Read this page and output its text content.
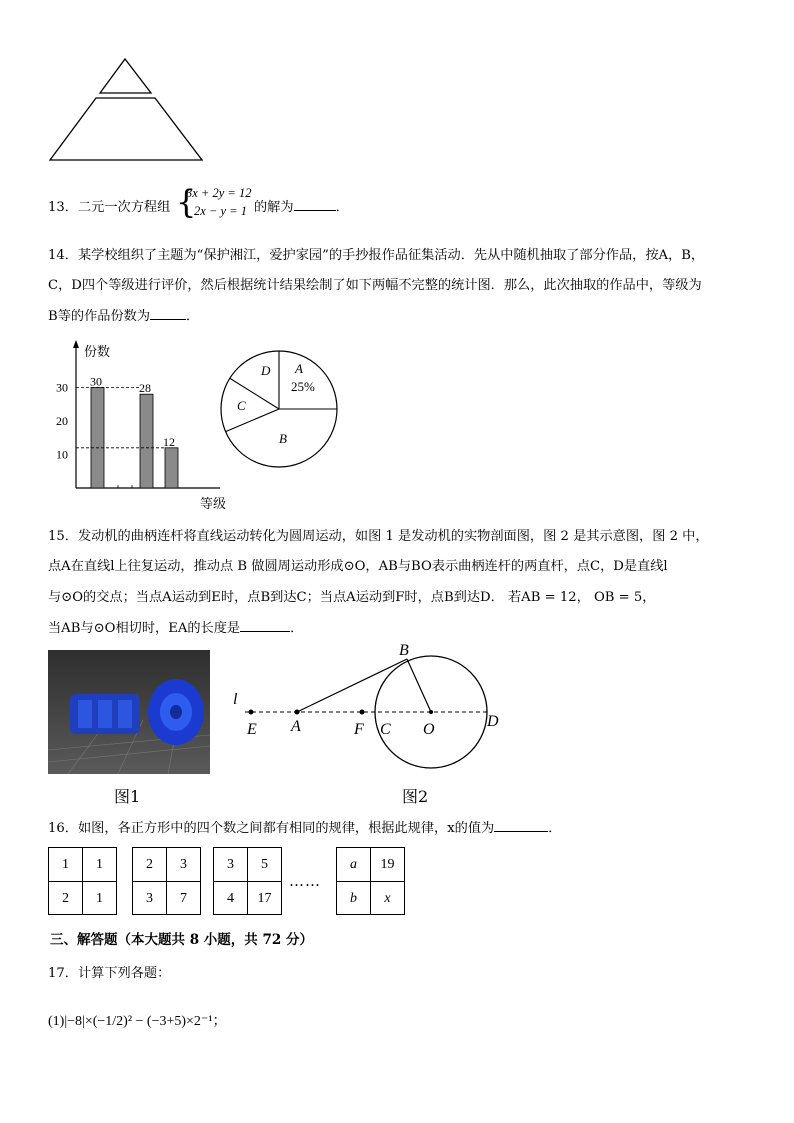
13．二元一次方程组 {
3x + 2y = 12
2x − y = 1 的解为	．
14．某学校组织了主题为“保护湘江，爱护家园”的手抄报作品征集活动．先从中随机抽取了部分作品，按A，B，
C，D四个等级进行评价，然后根据统计结果绘制了如下两幅不完整的统计图．那么，此次抽取的作品中，等级为
B等的作品份数为	．
份数
等级
10
20
30 30	28
12
A
25%
B
C
D
15．发动机的曲柄连杆将直线运动转化为圆周运动，如图 1 是发动机的实物剖面图，图 2 是其示意图，图 2 中，
点A在直线l上往复运动，推动点 B 做圆周运动形成⊙O，AB与BO表示曲柄连杆的两直杆，点C，D是直线l
与⊙O的交点；当点A运动到E时，点B到达C；当点A运动到F时，点B到达D． 若AB = 12， OB = 5，
当AB与⊙O相切时，EA的长度是	．
图1
l
E A	F C O	D
B
图2
16．如图，各正方形中的四个数之间都有相同的规律，根据此规律，x的值为	．
1	1
2	1
2	3
3	7
3	5
4	17
……
a	19
b	x
三、解答题（本大题共 8 小题，共 72 分）
17．计算下列各题：
(1)|−8|×(−1/2)² − (−3+5)×2⁻¹；
